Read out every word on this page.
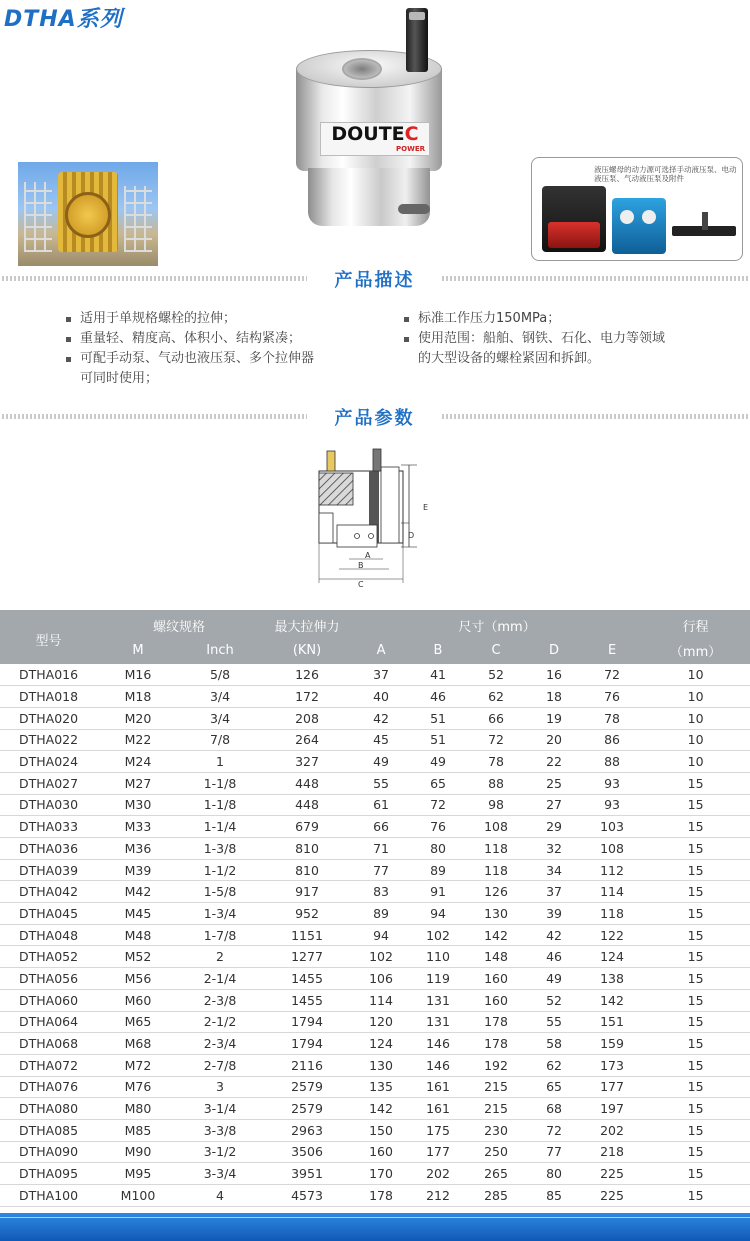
DTHA系列
DOUTEC
POWER
液压螺母的动力源可选择手动液压泵、电动液压泵、气动液压泵及附件
产品描述
适用于单规格螺栓的拉伸；
重量轻、精度高、体积小、结构紧凑；
可配手动泵、气动也液压泵、多个拉伸器
可同时使用；
标准工作压力150MPa；
使用范围：船舶、钢铁、石化、电力等领域
的大型设备的螺栓紧固和拆卸。
产品参数
E
D
A
B
C
型号	螺纹规格		最大拉伸力	尺寸（mm）					行程
	M	Inch	(KN)	A	B	C	D	E	（mm）
DTHA016	M16	5/8	126	37	41	52	16	72	10
DTHA018	M18	3/4	172	40	46	62	18	76	10
DTHA020	M20	3/4	208	42	51	66	19	78	10
DTHA022	M22	7/8	264	45	51	72	20	86	10
DTHA024	M24	1	327	49	49	78	22	88	10
DTHA027	M27	1-1/8	448	55	65	88	25	93	15
DTHA030	M30	1-1/8	448	61	72	98	27	93	15
DTHA033	M33	1-1/4	679	66	76	108	29	103	15
DTHA036	M36	1-3/8	810	71	80	118	32	108	15
DTHA039	M39	1-1/2	810	77	89	118	34	112	15
DTHA042	M42	1-5/8	917	83	91	126	37	114	15
DTHA045	M45	1-3/4	952	89	94	130	39	118	15
DTHA048	M48	1-7/8	1151	94	102	142	42	122	15
DTHA052	M52	2	1277	102	110	148	46	124	15
DTHA056	M56	2-1/4	1455	106	119	160	49	138	15
DTHA060	M60	2-3/8	1455	114	131	160	52	142	15
DTHA064	M65	2-1/2	1794	120	131	178	55	151	15
DTHA068	M68	2-3/4	1794	124	146	178	58	159	15
DTHA072	M72	2-7/8	2116	130	146	192	62	173	15
DTHA076	M76	3	2579	135	161	215	65	177	15
DTHA080	M80	3-1/4	2579	142	161	215	68	197	15
DTHA085	M85	3-3/8	2963	150	175	230	72	202	15
DTHA090	M90	3-1/2	3506	160	177	250	77	218	15
DTHA095	M95	3-3/4	3951	170	202	265	80	225	15
DTHA100	M100	4	4573	178	212	285	85	225	15
